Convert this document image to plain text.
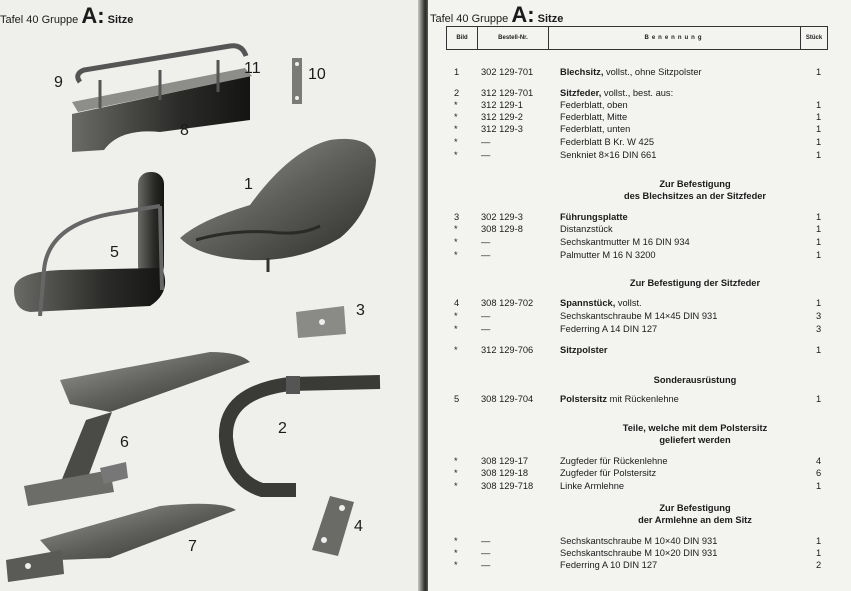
Tafel 40 Gruppe A: Sitze
9
11	10
8
1
5
3
6
2
4
7
Tafel 40 Gruppe A: Sitze
Bild	Bestell-Nr.	Benennung	Stück
1 302 129-701	Blechsitz, vollst., ohne Sitzpolster	1
2 312 129-701	Sitzfeder, vollst., best. aus:
*	312 129-1	Federblatt, oben	1
*	312 129-2	Federblatt, Mitte	1
*	312 129-3	Federblatt, unten	1
*	—	Federblatt B Kr. W 425	1
*	—	Senkniet 8×16 DIN 661	1
Zur Befestigung
des Blechsitzes an der Sitzfeder
3 302 129-3	Führungsplatte	1
*	308 129-8	Distanzstück	1
*	—	Sechskantmutter M 16 DIN 934	1
*	—	Palmutter M 16 N 3200	1
Zur Befestigung der Sitzfeder
4 308 129-702	Spannstück, vollst.	1
*	—	Sechskantschraube M 14×45 DIN 931	3
*	—	Federring A 14 DIN 127	3
*	312 129-706	Sitzpolster	1
Sonderausrüstung
5 308 129-704	Polstersitz mit Rückenlehne	1
Teile, welche mit dem Polstersitz
geliefert werden
*	308 129-17	Zugfeder für Rückenlehne	4
*	308 129-18	Zugfeder für Polstersitz	6
*	308 129-718	Linke Armlehne	1
Zur Befestigung
der Armlehne an dem Sitz
*	—	Sechskantschraube M 10×40 DIN 931	1
*	—	Sechskantschraube M 10×20 DIN 931	1
*	—	Federring A 10 DIN 127	2
